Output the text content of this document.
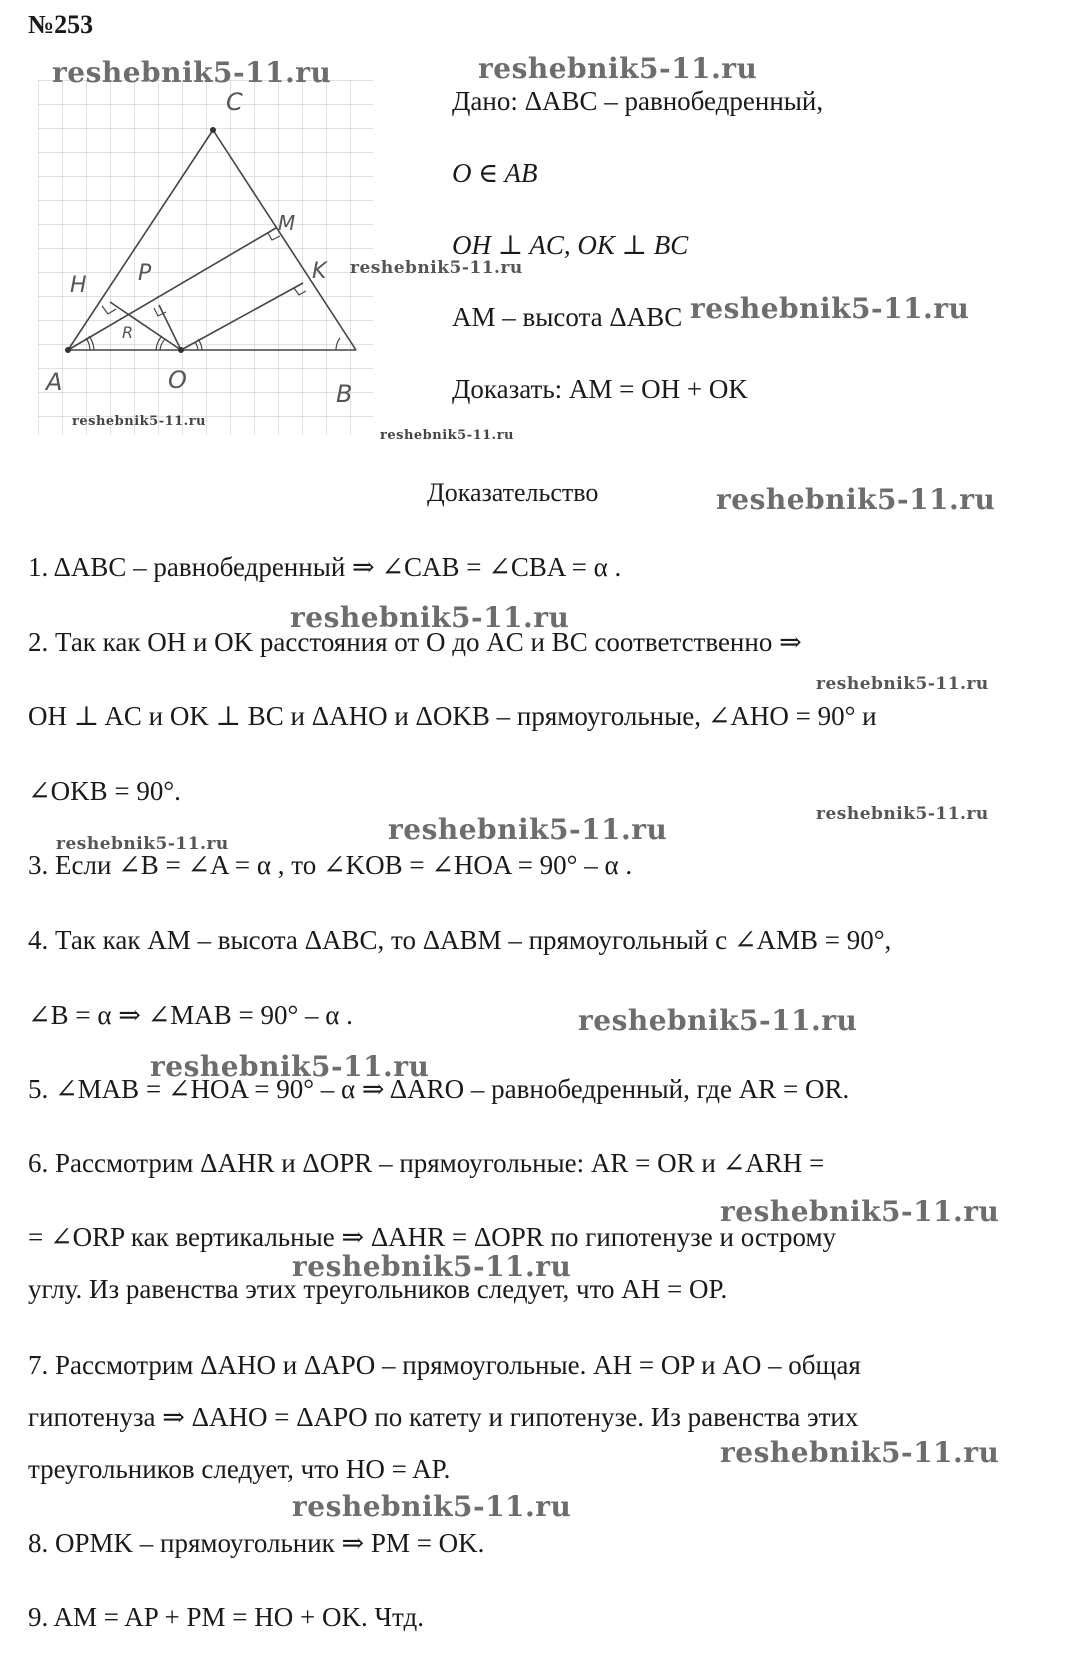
№253
C
M
H P	K
R
A	O	B
reshebnik5-11.ru	reshebnik5-11.ru
reshebnik5-11.ru
reshebnik5-11.ru
reshebnik5-11.ru
reshebnik5-11.ru
reshebnik5-11.ru
reshebnik5-11.ru
reshebnik5-11.ru
reshebnik5-11.ru
reshebnik5-11.ru	reshebnik5-11.ru
reshebnik5-11.ru
reshebnik5-11.ru
reshebnik5-11.ru
reshebnik5-11.ru
reshebnik5-11.ru
reshebnik5-11.ru
Дано: ΔABC – равнобедренный,
O ∈ AB
OH ⊥ AC, OK ⊥ BC
AM – высота ΔABC
Доказать: AM = OH + OK
Доказательство
1. ΔABC – равнобедренный ⇒ ∠CAB = ∠CBA = α .
2. Так как OH и OK расстояния от O до AC и BC соответственно ⇒
OH ⊥ AC и OK ⊥ BC и ΔAHO и ΔOKB – прямоугольные, ∠AHO = 90° и
∠OKB = 90°.
3. Если ∠B = ∠A = α , то ∠KOB = ∠HOA = 90° – α .
4. Так как AM – высота ΔABC, то ΔABM – прямоугольный с ∠AMB = 90°,
∠B = α ⇒ ∠MAB = 90° – α .
5. ∠MAB = ∠HOA = 90° – α ⇒ ΔARO – равнобедренный, где AR = OR.
6. Рассмотрим ΔAHR и ΔOPR – прямоугольные: AR = OR и ∠ARH =
= ∠ORP как вертикальные ⇒ ΔAHR = ΔOPR по гипотенузе и острому
углу. Из равенства этих треугольников следует, что AH = OP.
7. Рассмотрим ΔAHO и ΔAPO – прямоугольные. AH = OP и AO – общая
гипотенуза ⇒ ΔAHO = ΔAPO по катету и гипотенузе. Из равенства этих
треугольников следует, что HO = AP.
8. OPMK – прямоугольник ⇒ PM = OK.
9. AM = AP + PM = HO + OK. Чтд.
